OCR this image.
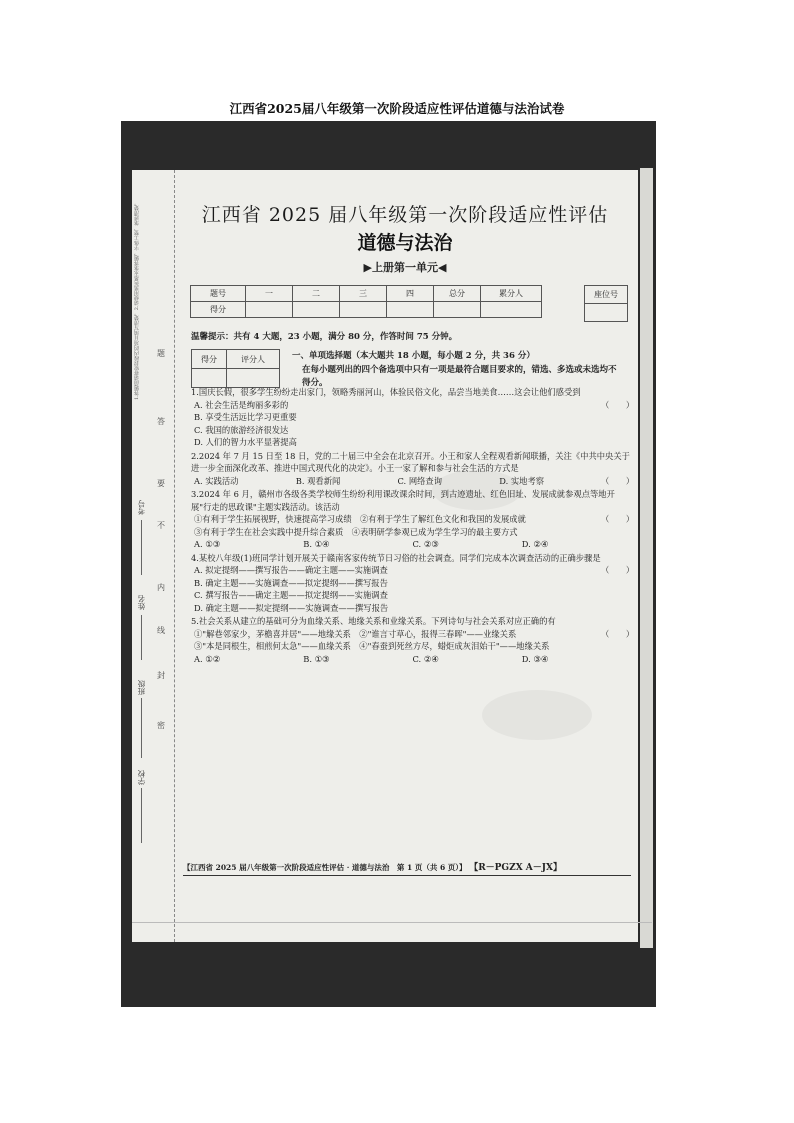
江西省2025届八年级第一次阶段适应性评估道德与法治试卷
1.答题前请将密封线内的项目填写清楚。2.请使用黑色墨水笔答题，字体工整、笔迹清楚。	题
答
要
不
内
线
封
密
考号
姓名
班级
学校
江西省 2025 届八年级第一次阶段适应性评估
道德与法治
▶上册第一单元◀
题号	一	二	三	四	总分	累分人
得分						
座位号

温馨提示：共有 4 大题，23 小题，满分 80 分，作答时间 75 分钟。
得分	评分人
		一、单项选择题（本大题共 18 小题，每小题 2 分，共 36 分）
在每小题列出的四个备选项中只有一项是最符合题目要求的，错选、多选或未选均不得分。
1.国庆长假，很多学生纷纷走出家门，领略秀丽河山，体验民俗文化，品尝当地美食……这会让他们感受到
（　　）
A. 社会生活是绚丽多彩的
B. 享受生活远比学习更重要
C. 我国的旅游经济很发达
D. 人们的智力水平显著提高
2.2024 年 7 月 15 日至 18 日，党的二十届三中全会在北京召开。小王和家人全程观看新闻联播，关注《中共中央关于进一步全面深化改革、推进中国式现代化的决定》。小王一家了解和参与社会生活的方式是
（　　）
A. 实践活动	B. 观看新闻	C. 网络查询	D. 实地考察
3.2024 年 6 月，赣州市各级各类学校师生纷纷利用课改课余时间，到古迹遗址、红色旧址、发展成就参观点等地开展"行走的思政课"主题实践活动。该活动
（　　）
①有利于学生拓展视野，快速提高学习成绩　②有利于学生了解红色文化和我国的发展成就
③有利于学生在社会实践中提升综合素质　④表明研学参观已成为学生学习的最主要方式
A. ①③	B. ①④	C. ②③	D. ②④
4.某校八年级(1)班同学计划开展关于赣南客家传统节日习俗的社会调查。同学们完成本次调查活动的正确步骤是
（　　）
A. 拟定提纲——撰写报告——确定主题——实施调查
B. 确定主题——实施调查——拟定提纲——撰写报告
C. 撰写报告——确定主题——拟定提纲——实施调查
D. 确定主题——拟定提纲——实施调查——撰写报告
5.社会关系从建立的基础可分为血缘关系、地缘关系和业缘关系。下列诗句与社会关系对应正确的有
（　　）
①"解巷邻家少，茅檐喜并居"——地缘关系　②"谁言寸草心，报得三春晖"——业缘关系
③"本是同根生，相煎何太急"——血缘关系　④"春蚕到死丝方尽，蜡炬成灰泪始干"——地缘关系
A. ①②	B. ①③	C. ②④	D. ③④
【江西省 2025 届八年级第一次阶段适应性评估 · 道德与法治　第 1 页（共 6 页）】 【R－PGZX A－JX】
